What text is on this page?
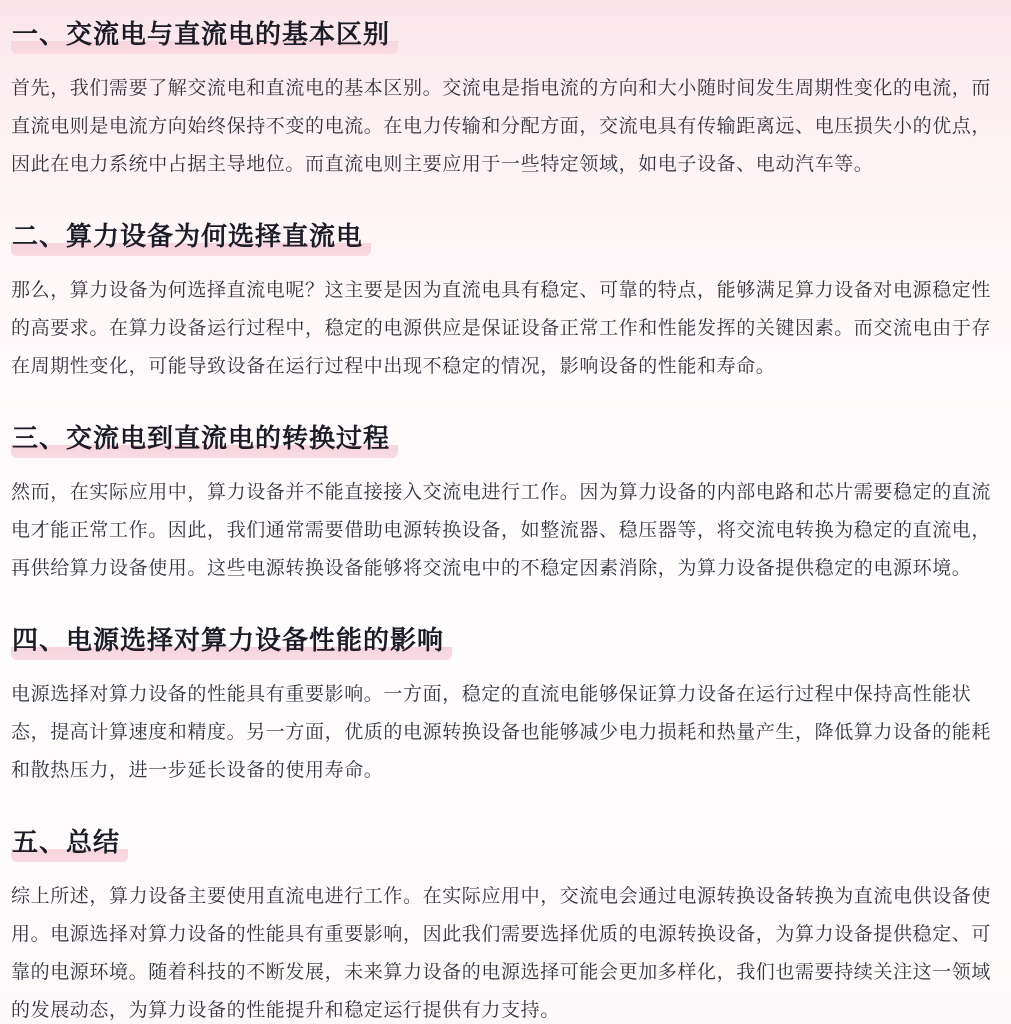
一、交流电与直流电的基本区别

首先，我们需要了解交流电和直流电的基本区别。交流电是指电流的方向和大小随时间发生周期性变化的电流，而直流电则是电流方向始终保持不变的电流。在电力传输和分配方面，交流电具有传输距离远、电压损失小的优点，因此在电力系统中占据主导地位。而直流电则主要应用于一些特定领域，如电子设备、电动汽车等。

二、算力设备为何选择直流电

那么，算力设备为何选择直流电呢？这主要是因为直流电具有稳定、可靠的特点，能够满足算力设备对电源稳定性的高要求。在算力设备运行过程中，稳定的电源供应是保证设备正常工作和性能发挥的关键因素。而交流电由于存在周期性变化，可能导致设备在运行过程中出现不稳定的情况，影响设备的性能和寿命。

三、交流电到直流电的转换过程

然而，在实际应用中，算力设备并不能直接接入交流电进行工作。因为算力设备的内部电路和芯片需要稳定的直流电才能正常工作。因此，我们通常需要借助电源转换设备，如整流器、稳压器等，将交流电转换为稳定的直流电，再供给算力设备使用。这些电源转换设备能够将交流电中的不稳定因素消除，为算力设备提供稳定的电源环境。

四、电源选择对算力设备性能的影响

电源选择对算力设备的性能具有重要影响。一方面，稳定的直流电能够保证算力设备在运行过程中保持高性能状态，提高计算速度和精度。另一方面，优质的电源转换设备也能够减少电力损耗和热量产生，降低算力设备的能耗和散热压力，进一步延长设备的使用寿命。

五、总结

综上所述，算力设备主要使用直流电进行工作。在实际应用中，交流电会通过电源转换设备转换为直流电供设备使用。电源选择对算力设备的性能具有重要影响，因此我们需要选择优质的电源转换设备，为算力设备提供稳定、可靠的电源环境。随着科技的不断发展，未来算力设备的电源选择可能会更加多样化，我们也需要持续关注这一领域的发展动态，为算力设备的性能提升和稳定运行提供有力支持。
